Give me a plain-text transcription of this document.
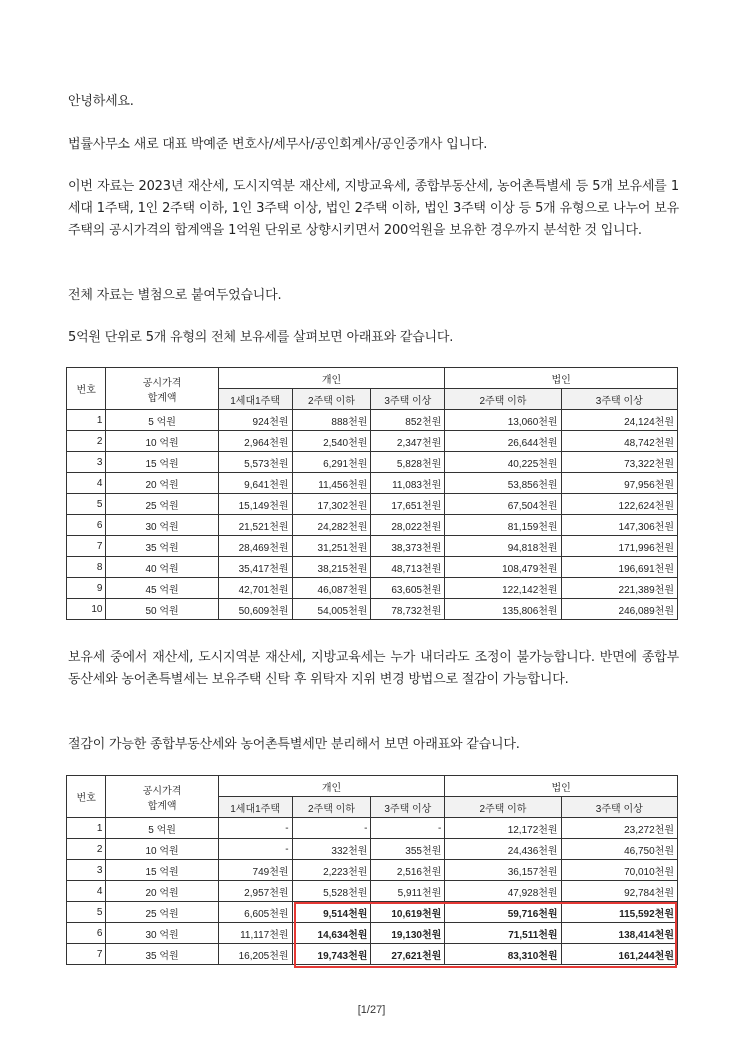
안녕하세요.

법률사무소 새로 대표 박예준 변호사/세무사/공인회계사/공인중개사 입니다.

이번 자료는 2023년 재산세, 도시지역분 재산세, 지방교육세, 종합부동산세, 농어촌특별세 등 5개 보유세를 1세대 1주택, 1인 2주택 이하, 1인 3주택 이상, 법인 2주택 이하, 법인 3주택 이상 등 5개 유형으로 나누어 보유주택의 공시가격의 합계액을 1억원 단위로 상향시키면서 200억원을 보유한 경우까지 분석한 것 입니다.

전체 자료는 별첨으로 붙여두었습니다.

5억원 단위로 5개 유형의 전체 보유세를 살펴보면 아래표와 같습니다.

번호	공시가격
합계액	개인			법인	
		1세대1주택	2주택 이하	3주택 이상	2주택 이하	3주택 이상
1	5 억원	924천원	888천원	852천원	13,060천원	24,124천원
2	10 억원	2,964천원	2,540천원	2,347천원	26,644천원	48,742천원
3	15 억원	5,573천원	6,291천원	5,828천원	40,225천원	73,322천원
4	20 억원	9,641천원	11,456천원	11,083천원	53,856천원	97,956천원
5	25 억원	15,149천원	17,302천원	17,651천원	67,504천원	122,624천원
6	30 억원	21,521천원	24,282천원	28,022천원	81,159천원	147,306천원
7	35 억원	28,469천원	31,251천원	38,373천원	94,818천원	171,996천원
8	40 억원	35,417천원	38,215천원	48,713천원	108,479천원	196,691천원
9	45 억원	42,701천원	46,087천원	63,605천원	122,142천원	221,389천원
10	50 억원	50,609천원	54,005천원	78,732천원	135,806천원	246,089천원

보유세 중에서 재산세, 도시지역분 재산세, 지방교육세는 누가 내더라도 조정이 불가능합니다. 반면에 종합부동산세와 농어촌특별세는 보유주택 신탁 후 위탁자 지위 변경 방법으로 절감이 가능합니다.

절감이 가능한 종합부동산세와 농어촌특별세만 분리해서 보면 아래표와 같습니다.

번호	공시가격
합계액	개인			법인	
		1세대1주택	2주택 이하	3주택 이상	2주택 이하	3주택 이상
1	5 억원	-	-	-	12,172천원	23,272천원
2	10 억원	-	332천원	355천원	24,436천원	46,750천원
3	15 억원	749천원	2,223천원	2,516천원	36,157천원	70,010천원
4	20 억원	2,957천원	5,528천원	5,911천원	47,928천원	92,784천원
5	25 억원	6,605천원	9,514천원	10,619천원	59,716천원	115,592천원
6	30 억원	11,117천원	14,634천원	19,130천원	71,511천원	138,414천원
7	35 억원	16,205천원	19,743천원	27,621천원	83,310천원	161,244천원
[1/27]
